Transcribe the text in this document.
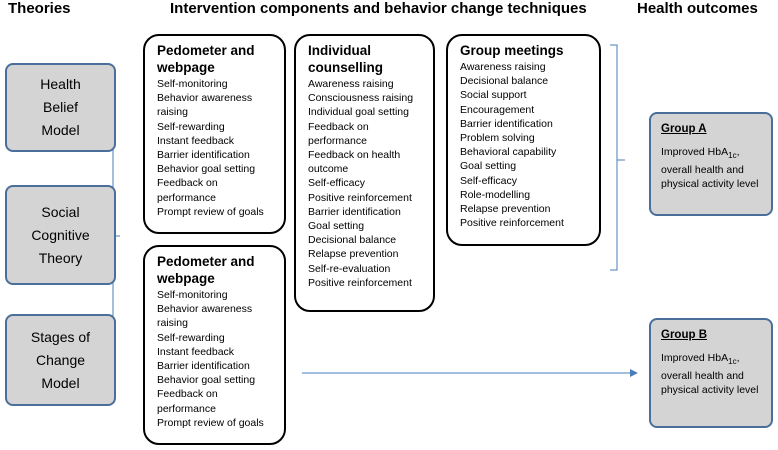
Theories	Intervention components and behavior change techniques	Health outcomes
Health
Belief
Model
Social
Cognitive
Theory
Stages of
Change
Model
Pedometer and
webpage
Self-monitoring
Behavior awareness raising
Self-rewarding
Instant feedback
Barrier identification
Behavior goal setting
Feedback on performance
Prompt review of goals
Pedometer and
webpage
Self-monitoring
Behavior awareness raising
Self-rewarding
Instant feedback
Barrier identification
Behavior goal setting
Feedback on performance
Prompt review of goals
Individual
counselling
Awareness raising
Consciousness raising
Individual goal setting
Feedback on performance
Feedback on health outcome
Self-efficacy
Positive reinforcement
Barrier identification
Goal setting
Decisional balance
Relapse prevention
Self-re-evaluation
Positive reinforcement
Group meetings
Awareness raising
Decisional balance
Social support
Encouragement
Barrier identification
Problem solving
Behavioral capability
Goal setting
Self-efficacy
Role-modelling
Relapse prevention
Positive reinforcement
Group A
Improved HbA$_{1c}$, overall health and physical activity level
Group B
Improved HbA$_{1c}$, overall health and physical activity level
